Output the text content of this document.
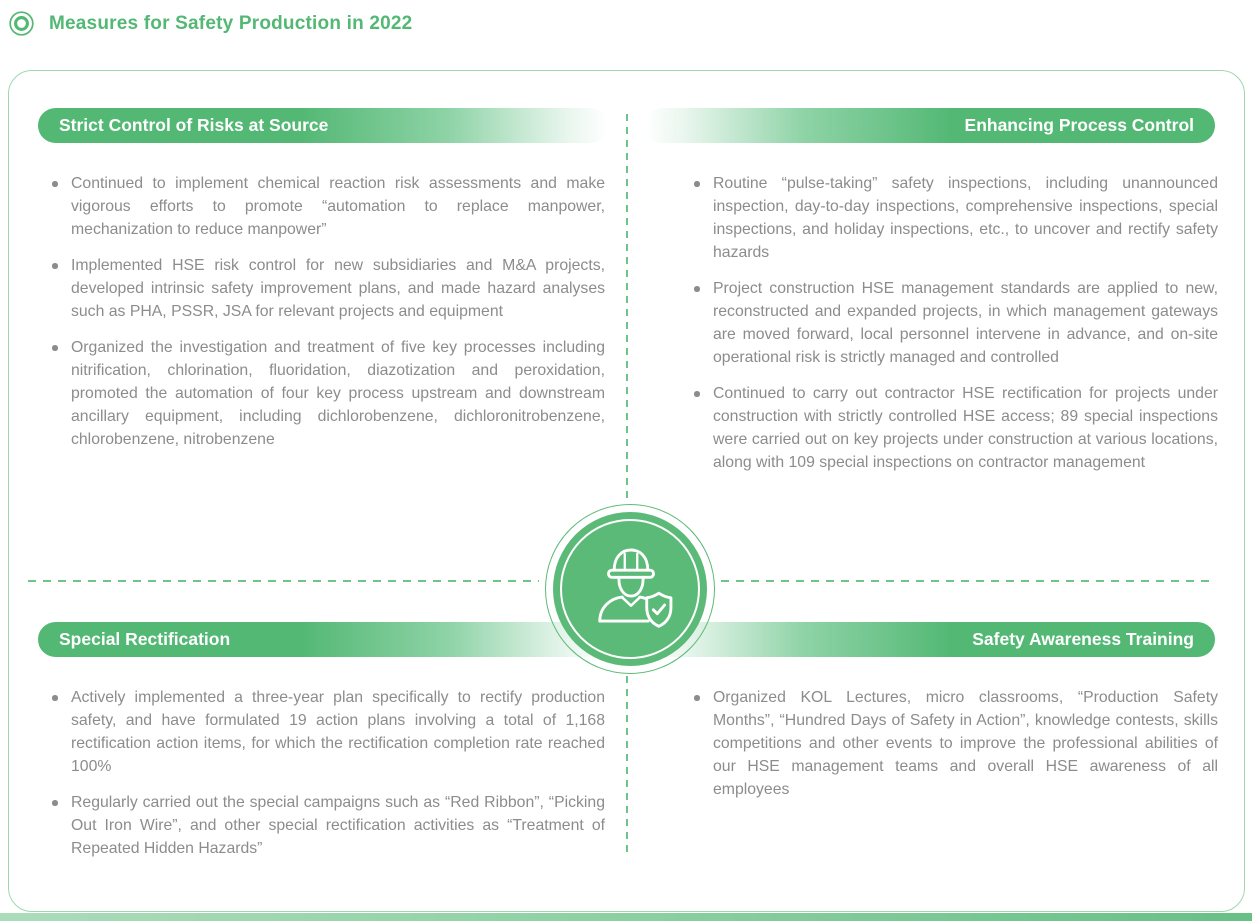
Measures for Safety Production in 2022
Strict Control of Risks at Source	Enhancing Process Control
Special Rectification	Safety Awareness Training
Continued to implement chemical reaction risk assessments and make vigorous efforts to promote “automation to replace manpower, mechanization to reduce manpower”
Implemented HSE risk control for new subsidiaries and M&A projects, developed intrinsic safety improvement plans, and made hazard analyses such as PHA, PSSR, JSA for relevant projects and equipment
Organized the investigation and treatment of five key processes including nitrification, chlorination, fluoridation, diazotization and peroxidation, promoted the automation of four key process upstream and downstream ancillary equipment, including dichlorobenzene, dichloronitrobenzene, chlorobenzene, nitrobenzene
Routine “pulse-taking” safety inspections, including unannounced inspection, day-to-day inspections, comprehensive inspections, special inspections, and holiday inspections, etc., to uncover and rectify safety hazards
Project construction HSE management standards are applied to new, reconstructed and expanded projects, in which management gateways are moved forward, local personnel intervene in advance, and on-site operational risk is strictly managed and controlled
Continued to carry out contractor HSE rectification for projects under construction with strictly controlled HSE access; 89 special inspections were carried out on key projects under construction at various locations, along with 109 special inspections on contractor management
Actively implemented a three-year plan specifically to rectify production safety, and have formulated 19 action plans involving a total of 1,168 rectification action items, for which the rectification completion rate reached 100%
Regularly carried out the special campaigns such as “Red Ribbon”, “Picking Out Iron Wire”, and other special rectification activities as “Treatment of Repeated Hidden Hazards”
Organized KOL Lectures, micro classrooms, “Production Safety Months”, “Hundred Days of Safety in Action”, knowledge contests, skills competitions and other events to improve the professional abilities of our HSE management teams and overall HSE awareness of all employees
